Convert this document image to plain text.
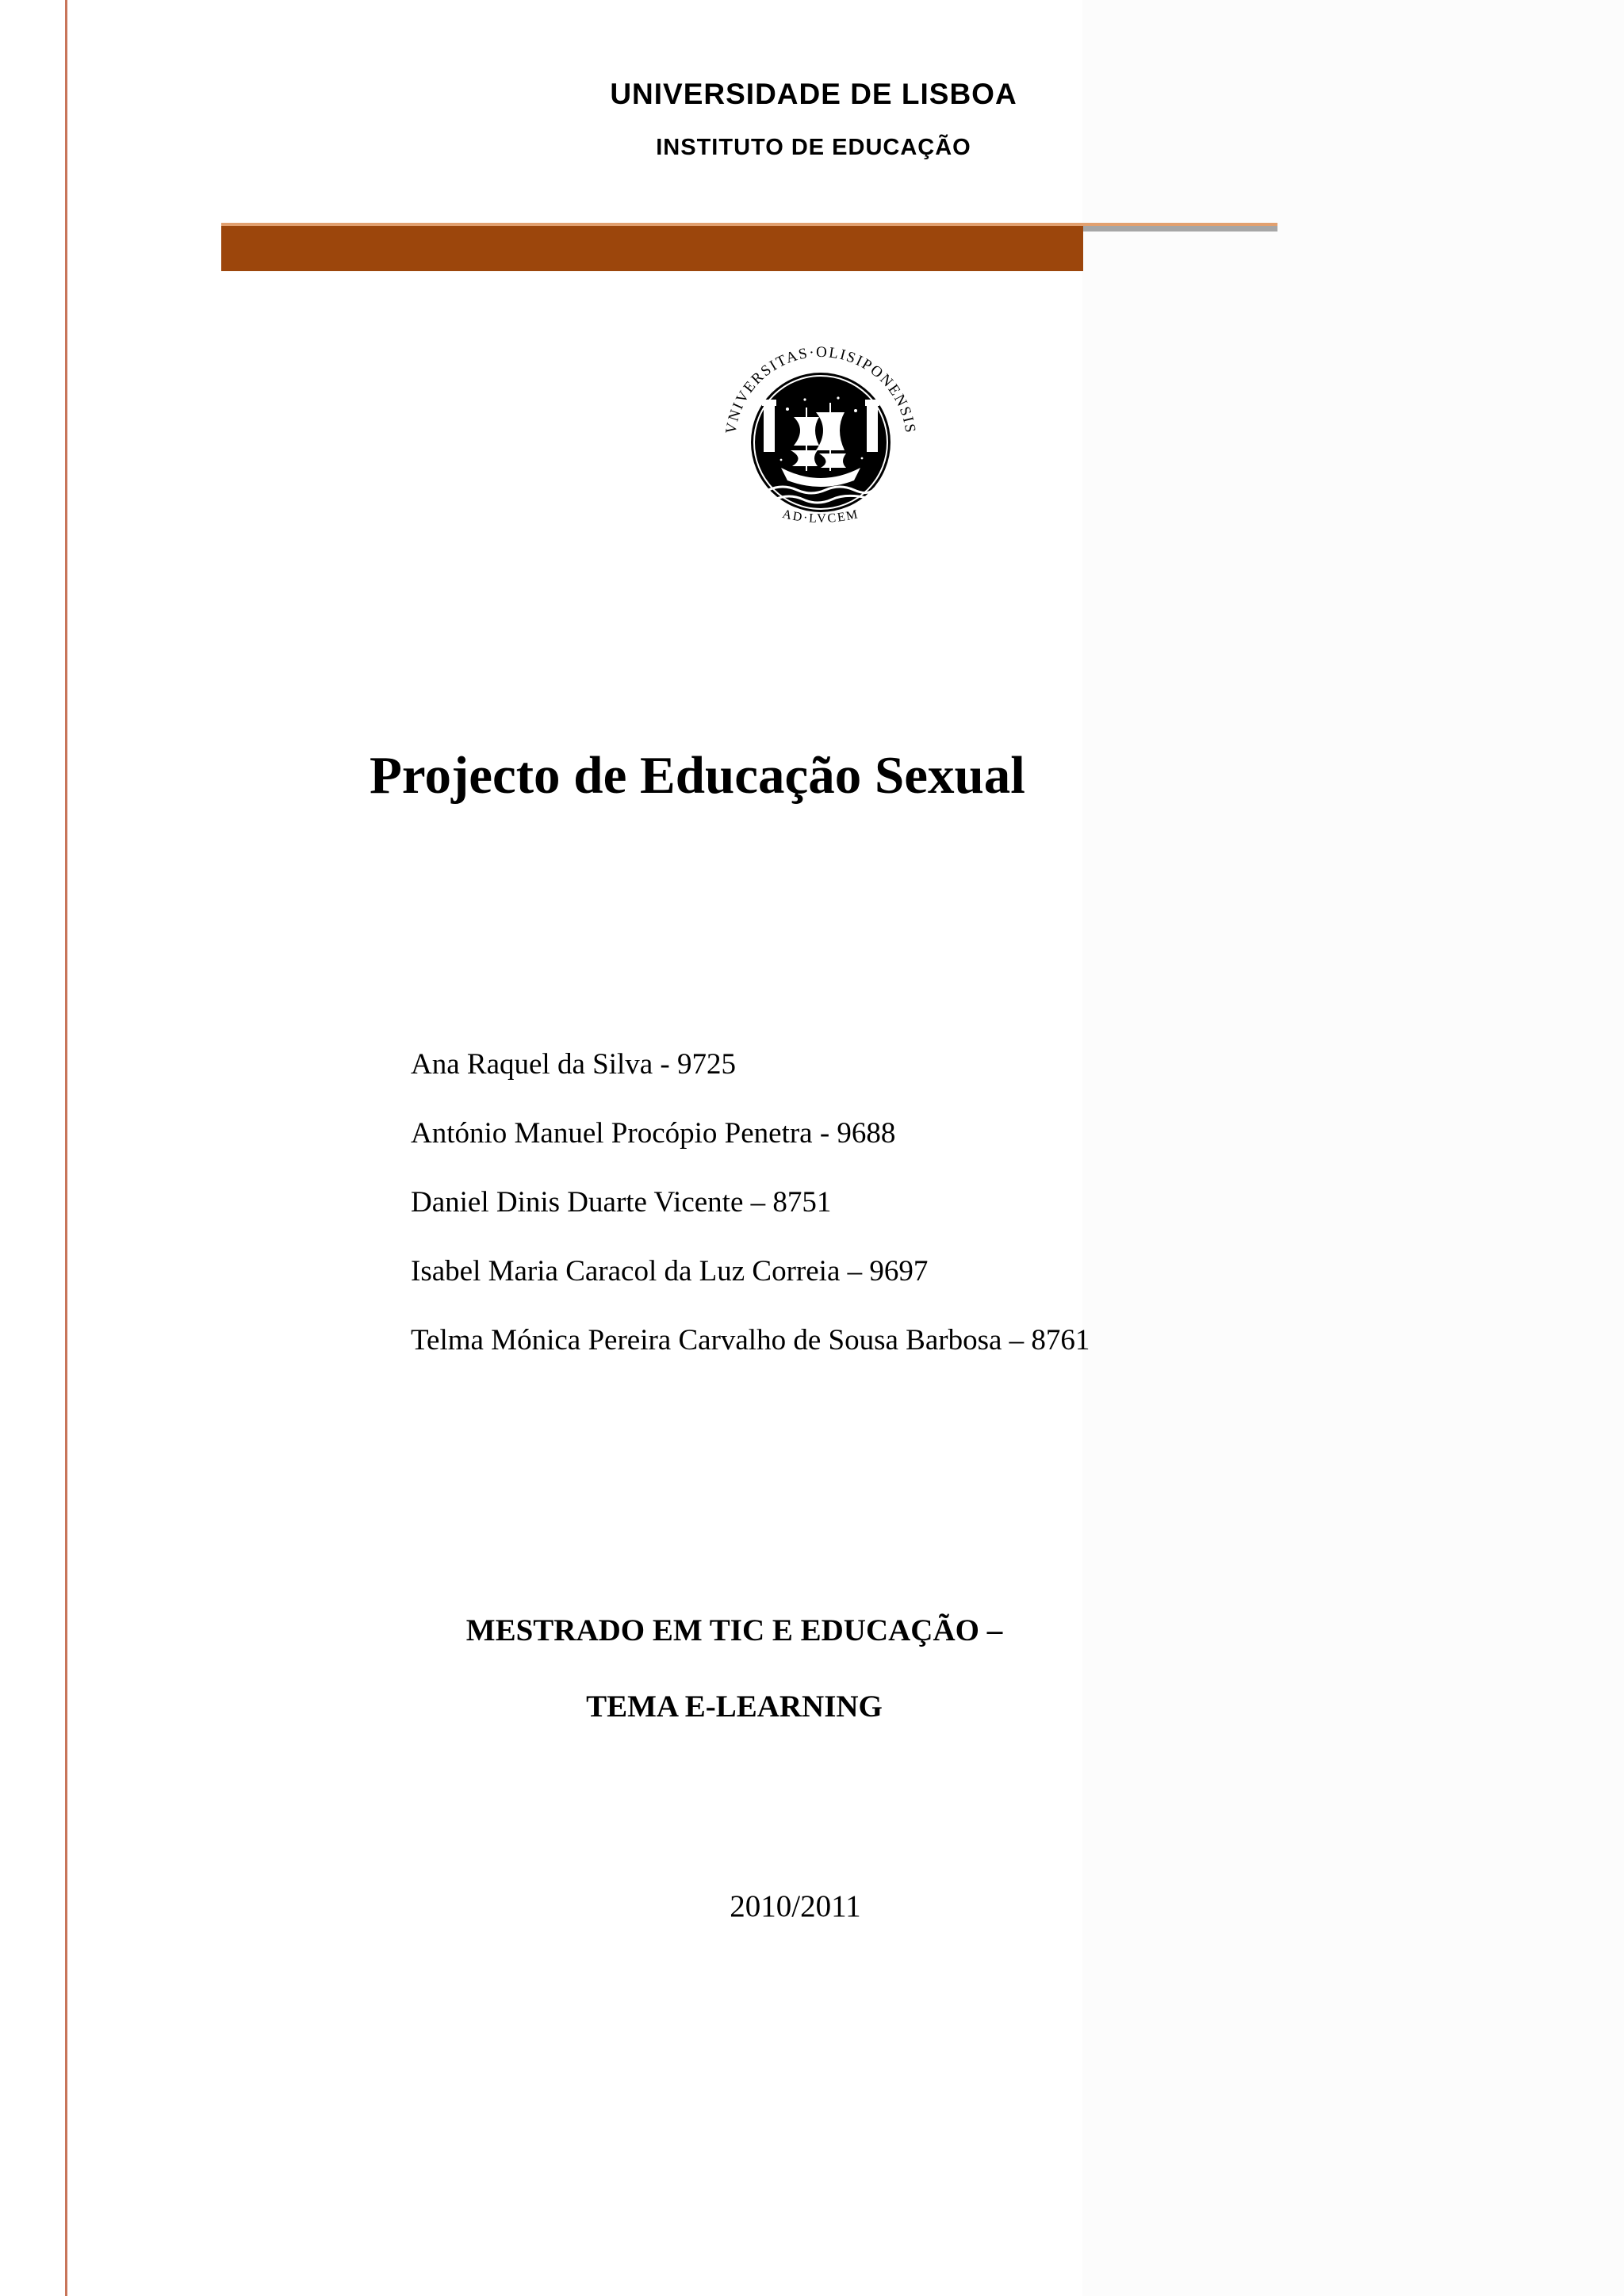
UNIVERSIDADE DE LISBOA
INSTITUTO DE EDUCAÇÃO
VNIVERSITAS·OLISIPONENSIS
AD·LVCEM
Projecto de Educação Sexual
Ana Raquel da Silva - 9725
António Manuel Procópio Penetra - 9688
Daniel Dinis Duarte Vicente – 8751
Isabel Maria Caracol da Luz Correia – 9697
Telma Mónica Pereira Carvalho de Sousa Barbosa – 8761
MESTRADO EM TIC E EDUCAÇÃO –
TEMA E-LEARNING
2010/2011
